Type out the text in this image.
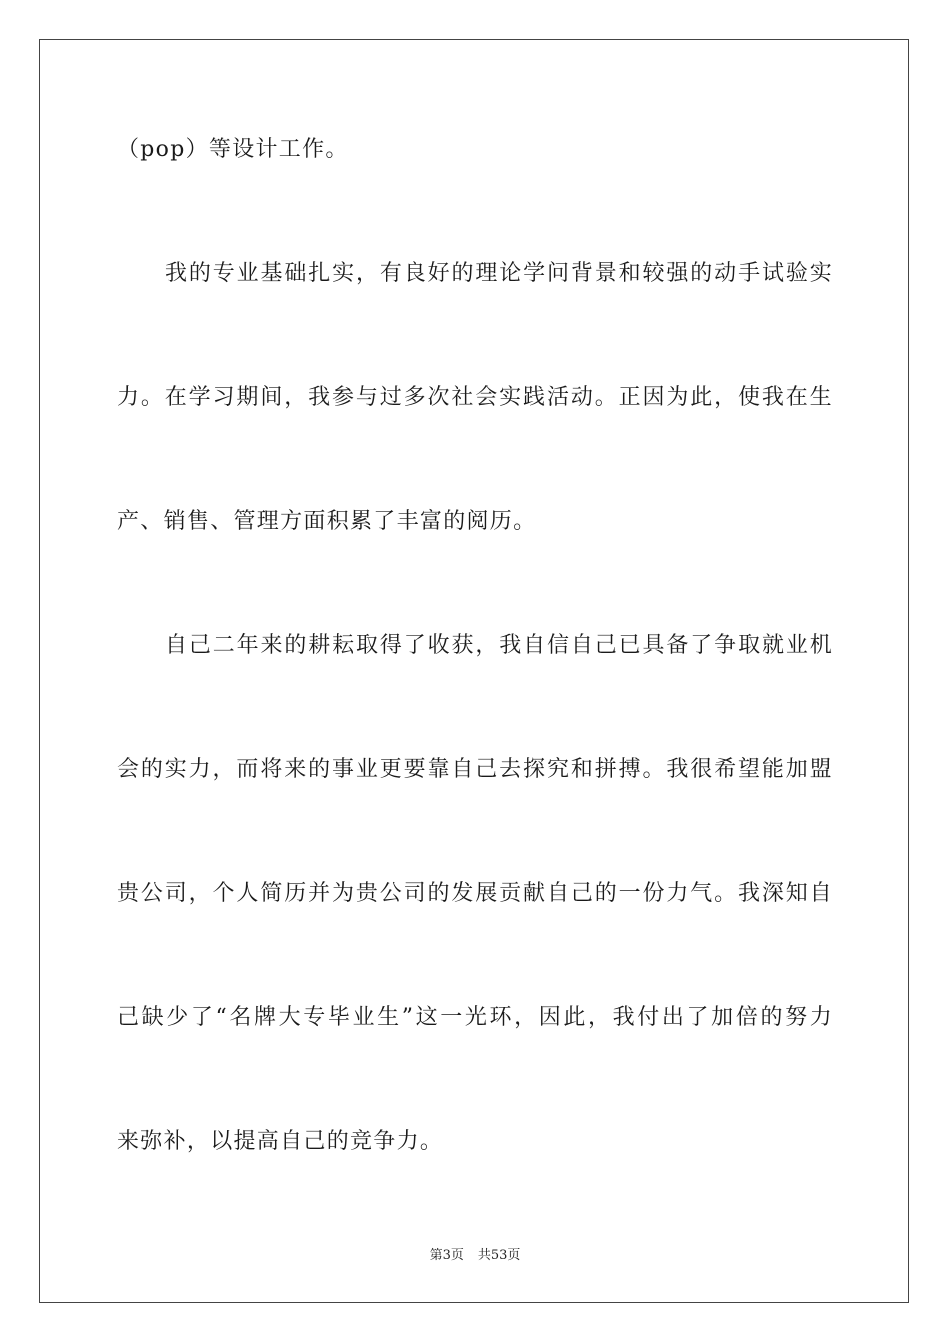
（pop）等设计工作。
我的专业基础扎实，有良好的理论学问背景和较强的动手试验实
力。在学习期间，我参与过多次社会实践活动。正因为此，使我在生
产、销售、管理方面积累了丰富的阅历。
自己二年来的耕耘取得了收获，我自信自己已具备了争取就业机
会的实力，而将来的事业更要靠自己去探究和拼搏。我很希望能加盟
贵公司，个人简历并为贵公司的发展贡献自己的一份力气。我深知自
己缺少了“名牌大专毕业生”这一光环，因此，我付出了加倍的努力
来弥补，以提高自己的竞争力。
第3页 共53页
